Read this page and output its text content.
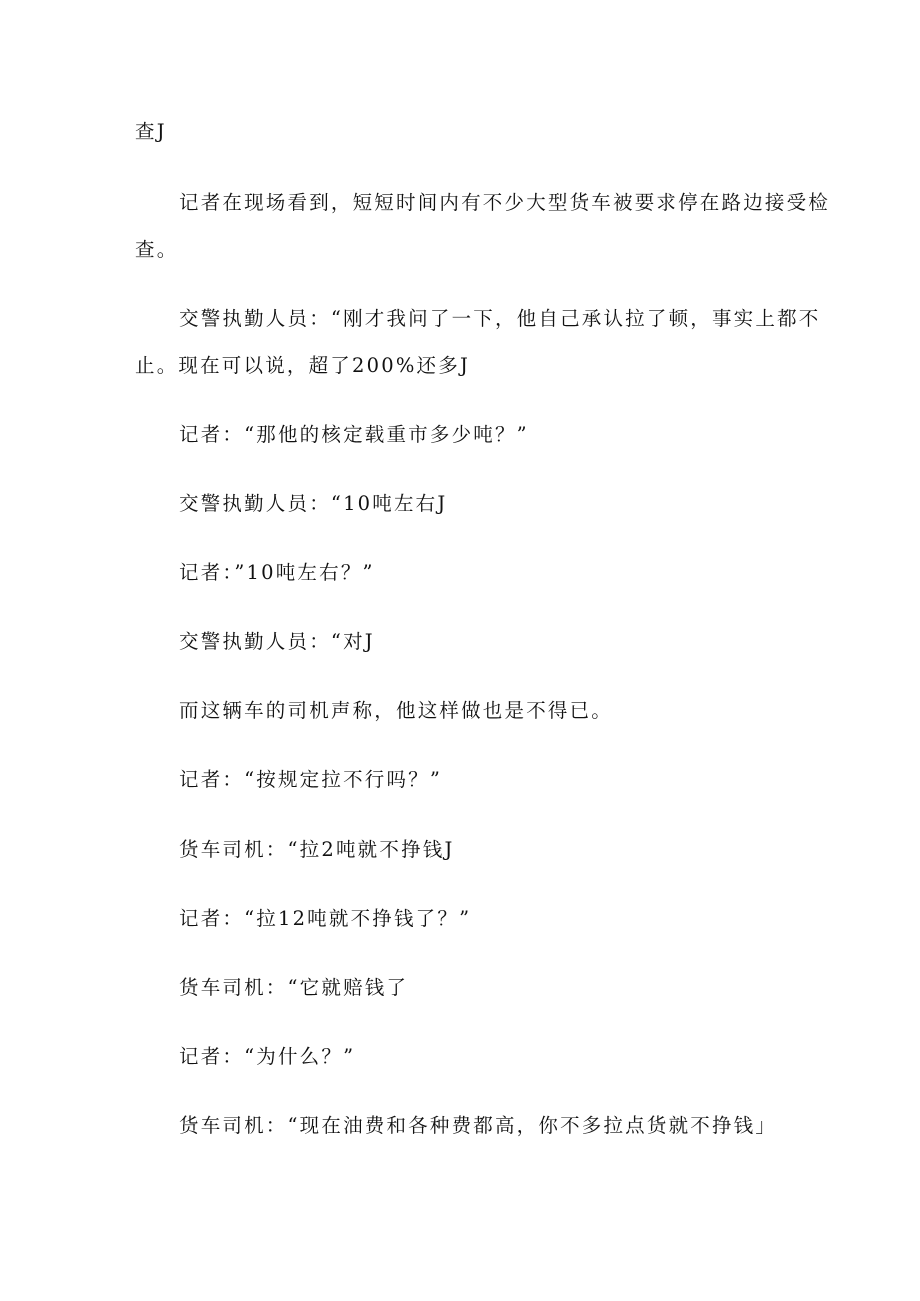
查J
记者在现场看到，短短时间内有不少大型货车被要求停在路边接受检
查。
交警执勤人员：“刚才我问了一下，他自己承认拉了顿，事实上都不
止。现在可以说，超了200%还多J
记者：“那他的核定载重市多少吨？”
交警执勤人员：“10吨左右J
记者：”10吨左右？”
交警执勤人员：“对J
而这辆车的司机声称，他这样做也是不得已。
记者：“按规定拉不行吗？”
货车司机：“拉2吨就不挣钱J
记者：“拉12吨就不挣钱了？”
货车司机：“它就赔钱了
记者：“为什么？”
货车司机：“现在油费和各种费都高，你不多拉点货就不挣钱｣
